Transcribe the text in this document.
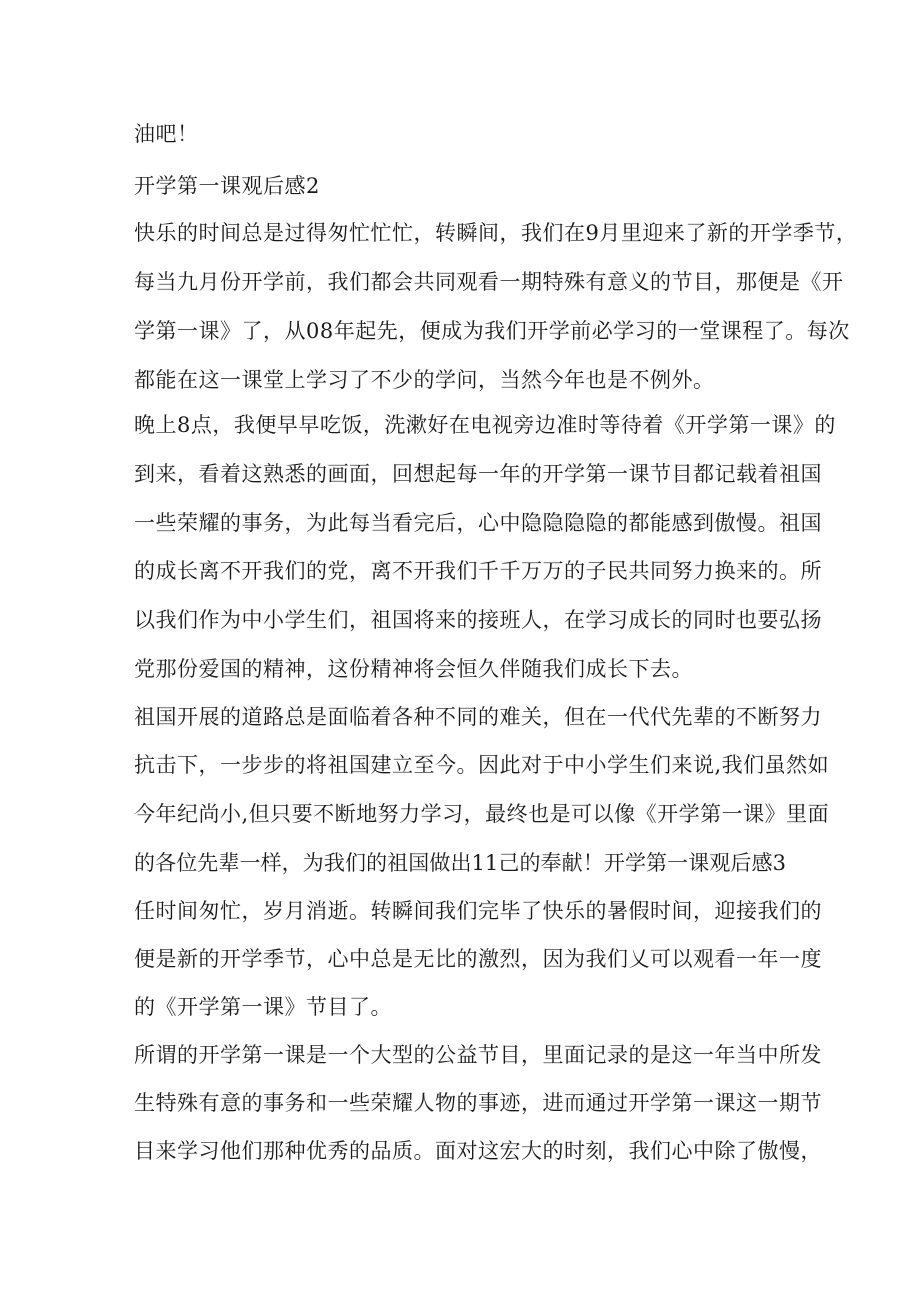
油吧！

开学第一课观后感2

快乐的时间总是过得匆忙忙忙，转瞬间，我们在9月里迎来了新的开学季节，

每当九月份开学前，我们都会共同观看一期特殊有意义的节目，那便是《开

学第一课》了，从08年起先，便成为我们开学前必学习的一堂课程了。每次

都能在这一课堂上学习了不少的学问，当然今年也是不例外。

晚上8点，我便早早吃饭，洗漱好在电视旁边准时等待着《开学第一课》的

到来，看着这熟悉的画面，回想起每一年的开学第一课节目都记载着祖国

一些荣耀的事务，为此每当看完后，心中隐隐隐隐的都能感到傲慢。祖国

的成长离不开我们的党，离不开我们千千万万的子民共同努力换来的。所

以我们作为中小学生们，祖国将来的接班人，在学习成长的同时也要弘扬

党那份爱国的精神，这份精神将会恒久伴随我们成长下去。

祖国开展的道路总是面临着各种不同的难关，但在一代代先辈的不断努力

抗击下，一步步的将祖国建立至今。因此对于中小学生们来说,我们虽然如

今年纪尚小,但只要不断地努力学习，最终也是可以像《开学第一课》里面

的各位先辈一样，为我们的祖国做出11己的奉献！开学第一课观后感3

任时间匆忙，岁月消逝。转瞬间我们完毕了快乐的暑假时间，迎接我们的

便是新的开学季节，心中总是无比的激烈，因为我们乂可以观看一年一度

的《开学第一课》节目了。

所谓的开学第一课是一个大型的公益节目，里面记录的是这一年当中所发

生特殊有意的事务和一些荣耀人物的事迹，进而通过开学第一课这一期节

目来学习他们那种优秀的品质。面对这宏大的时刻，我们心中除了傲慢，
